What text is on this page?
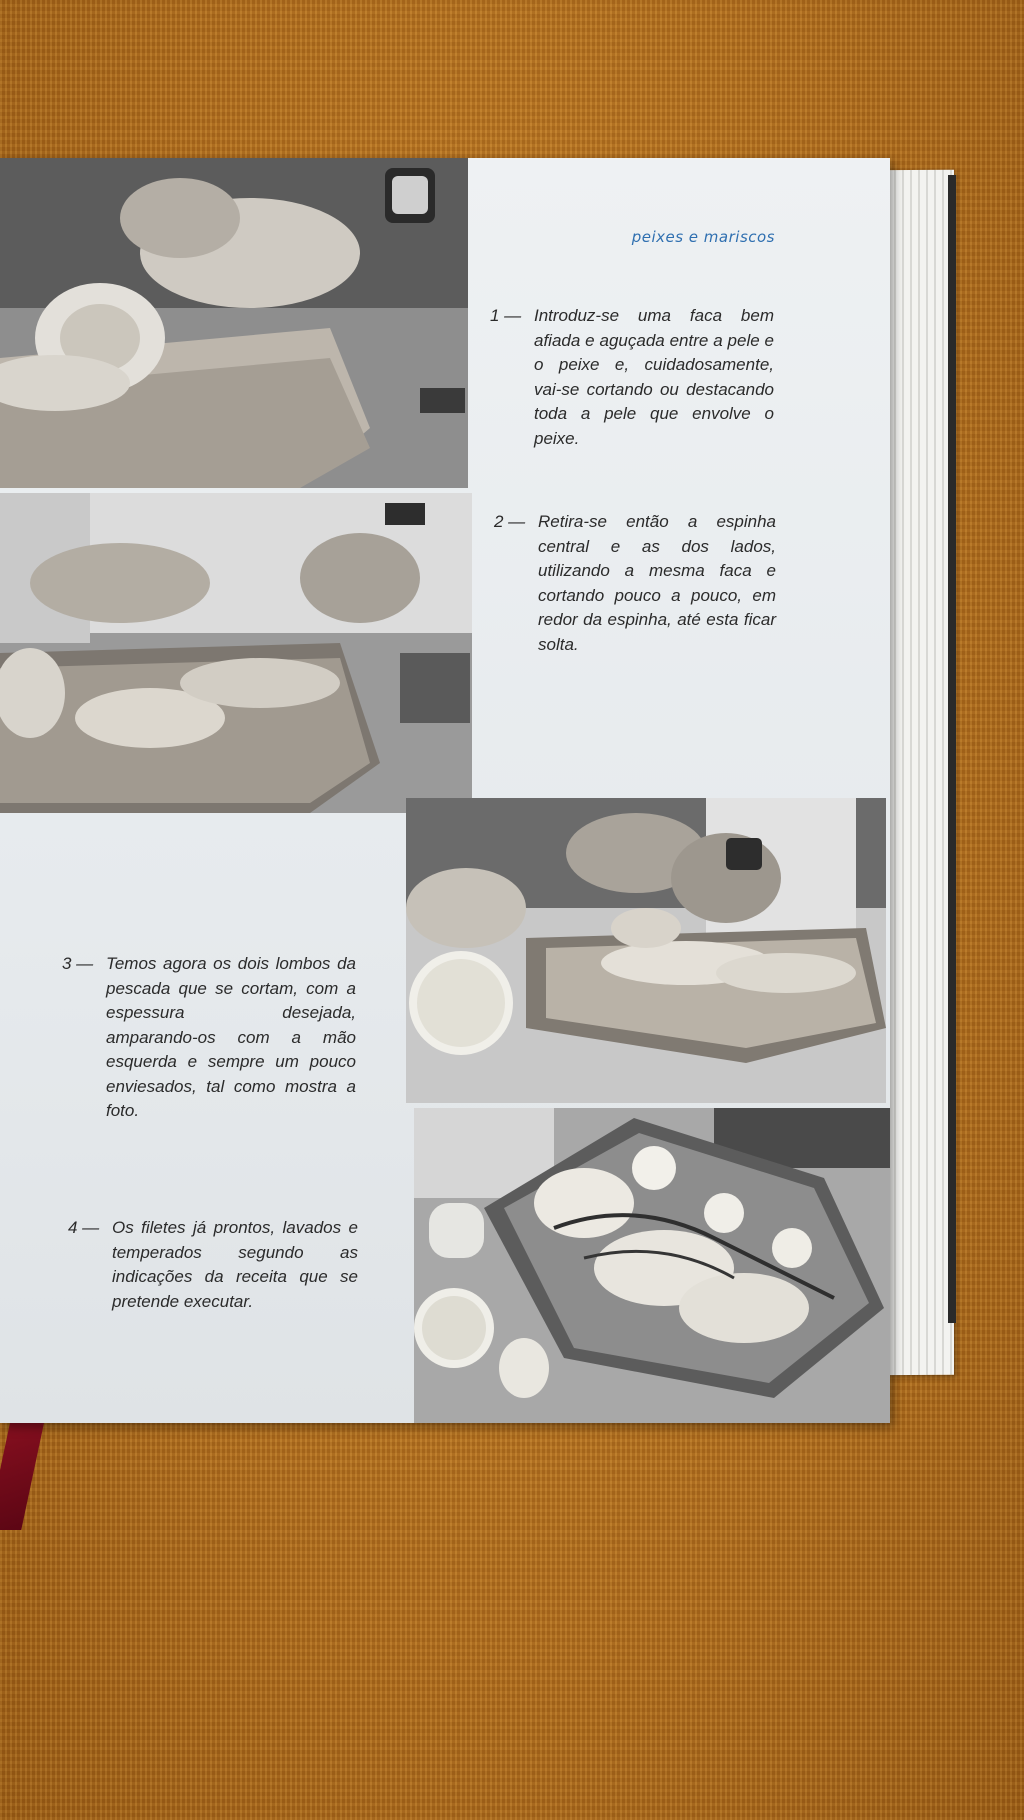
peixes e mariscos
1 — Introduz-se uma faca bem afiada e aguçada entre a pele e o peixe e, cuidadosamente, vai-se cortando ou destacando toda a pele que envolve o peixe.
2 — Retira-se então a espinha central e as dos lados, utilizando a mesma faca e cortando pouco a pouco, em redor da espinha, até esta ficar solta.
3 — Temos agora os dois lombos da pescada que se cortam, com a espessura desejada, amparando-os com a mão esquerda e sempre um pouco enviesados, tal como mostra a foto.
4 — Os filetes já prontos, lavados e temperados segundo as indicações da receita que se pretende executar.
